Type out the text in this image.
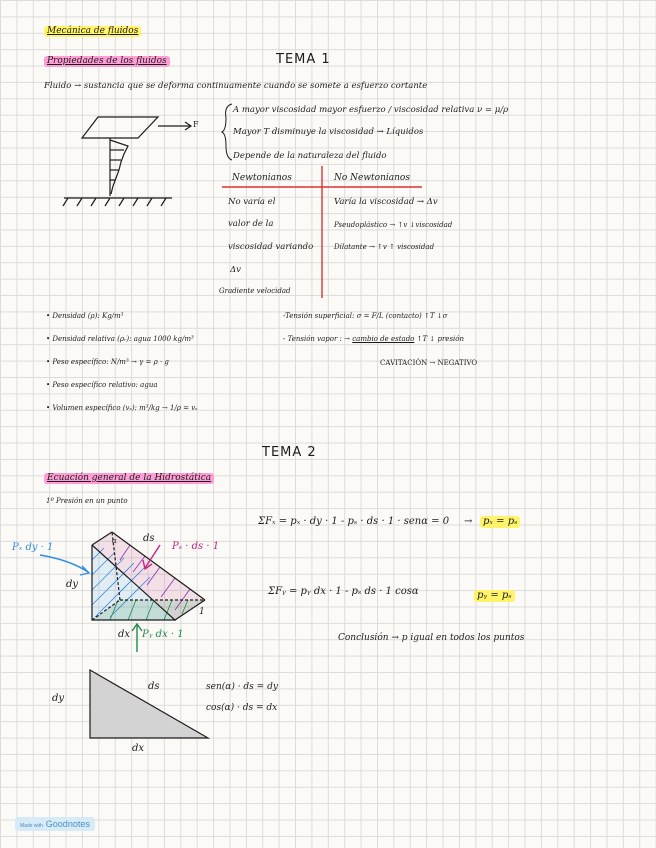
Mecánica de fluidos
Propiedades de los fluidos	TEMA 1
Fluido → sustancia que se deforma continuamente cuando se somete a esfuerzo cortante
F
A mayor viscosidad mayor esfuerzo / viscosidad relativa ν = μ/ρ
Mayor T disminuye la viscosidad → Líquidos
Depende de la naturaleza del fluido
Newtonianos	No Newtonianos
No varía el
valor de la
viscosidad variando
Δv
Gradiente velocidad
Varía la viscosidad → Δv
Pseudoplástico → ↑v ↓viscosidad
Dilatante → ↑v ↑ viscosidad
• Densidad (ρ): Kg/m³
• Densidad relativa (ρᵣ): agua 1000 kg/m³
• Peso específico: N/m³ → γ = ρ · g
• Peso específico relativo: agua
• Volumen específico (vₛ): m³/kg → 1/ρ = vₛ
-Tensión superficial: σ = F/L (contacto) ↑T ↓σ
- Tensión vapor : → cambio de estado ↑T ↓ presión
CAVITACIÓN → NEGATIVO
TEMA 2
Ecuación general de la Hidrostática
1º Presión en un punto
ΣFₓ = pₓ · dy · 1 - pₛ · ds · 1 · senα = 0 →	pₓ = pₛ
ΣFᵧ = pᵧ dx · 1 - pₛ ds · 1 cosα	pᵧ = pₛ
Conclusión → p igual en todos los puntos
Pₓ dy · 1	Pₛ · ds · 1
Pᵧ dx · 1
ds
dy
dx
α
1
ds
dy
dx
sen(α) · ds = dy
cos(α) · ds = dx
Made with Goodnotes
